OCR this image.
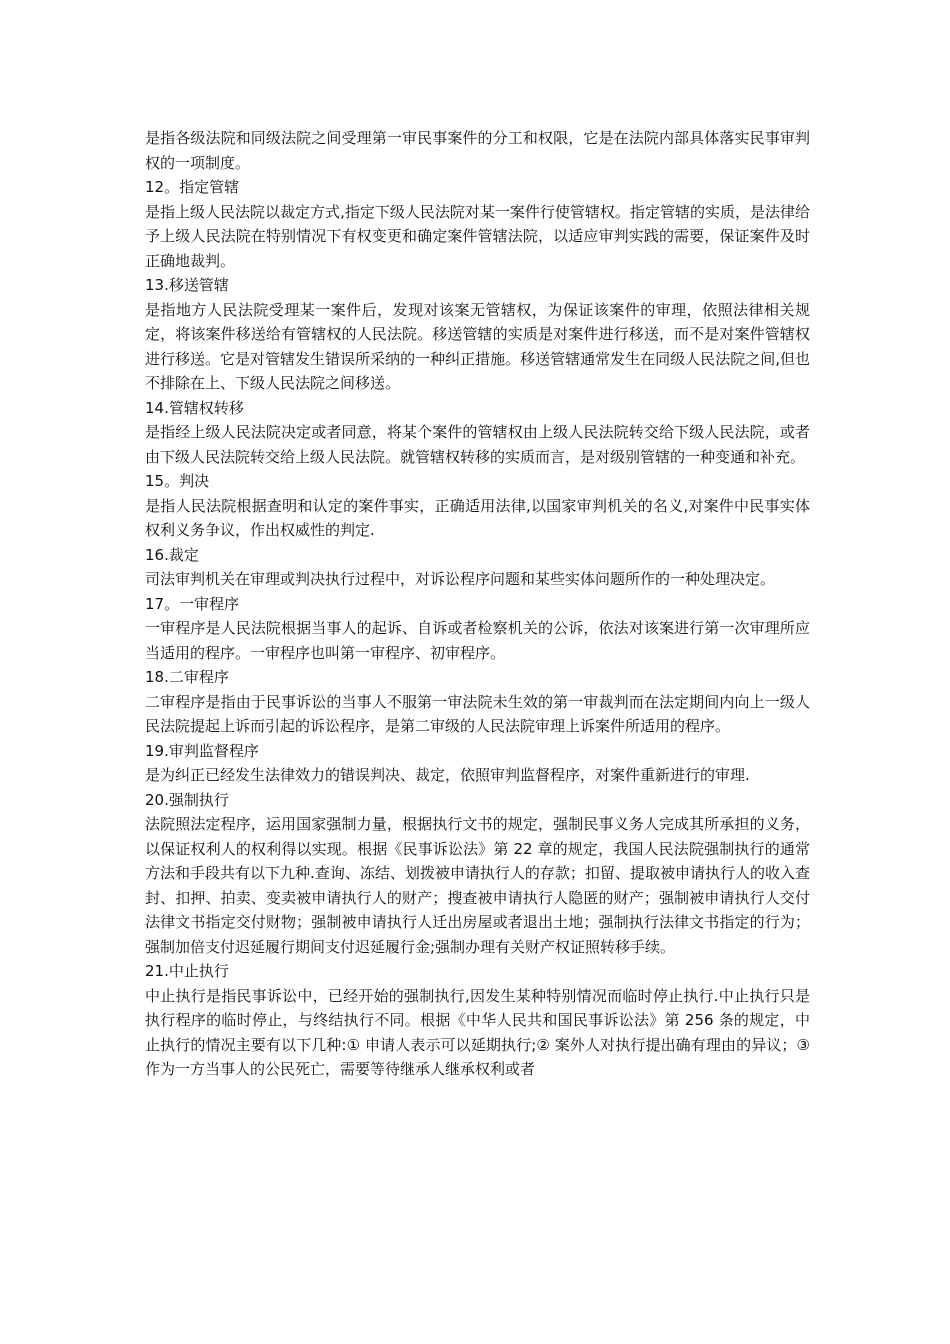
是指各级法院和同级法院之间受理第一审民事案件的分工和权限，它是在法院内部具体落实民事审判权的一项制度。

12。指定管辖

是指上级人民法院以裁定方式,指定下级人民法院对某一案件行使管辖权。指定管辖的实质，是法律给予上级人民法院在特别情况下有权变更和确定案件管辖法院，以适应审判实践的需要，保证案件及时正确地裁判。

13.移送管辖

是指地方人民法院受理某一案件后，发现对该案无管辖权，为保证该案件的审理，依照法律相关规定，将该案件移送给有管辖权的人民法院。移送管辖的实质是对案件进行移送，而不是对案件管辖权进行移送。它是对管辖发生错误所采纳的一种纠正措施。移送管辖通常发生在同级人民法院之间,但也不排除在上、下级人民法院之间移送。

14.管辖权转移

是指经上级人民法院决定或者同意，将某个案件的管辖权由上级人民法院转交给下级人民法院，或者由下级人民法院转交给上级人民法院。就管辖权转移的实质而言，是对级别管辖的一种变通和补充。

15。判决

是指人民法院根据查明和认定的案件事实，正确适用法律,以国家审判机关的名义,对案件中民事实体权利义务争议，作出权威性的判定.

16.裁定

司法审判机关在审理或判决执行过程中，对诉讼程序问题和某些实体问题所作的一种处理决定。

17。一审程序

一审程序是人民法院根据当事人的起诉、自诉或者检察机关的公诉，依法对该案进行第一次审理所应当适用的程序。一审程序也叫第一审程序、初审程序。

18.二审程序

二审程序是指由于民事诉讼的当事人不服第一审法院未生效的第一审裁判而在法定期间内向上一级人民法院提起上诉而引起的诉讼程序，是第二审级的人民法院审理上诉案件所适用的程序。

19.审判监督程序

是为纠正已经发生法律效力的错误判决、裁定，依照审判监督程序，对案件重新进行的审理.

20.强制执行

法院照法定程序，运用国家强制力量，根据执行文书的规定，强制民事义务人完成其所承担的义务，以保证权利人的权利得以实现。根据《民事诉讼法》第 22 章的规定，我国人民法院强制执行的通常方法和手段共有以下九种.查询、冻结、划拨被申请执行人的存款；扣留、提取被申请执行人的收入查封、扣押、拍卖、变卖被申请执行人的财产；搜查被申请执行人隐匿的财产；强制被申请执行人交付法律文书指定交付财物；强制被申请执行人迁出房屋或者退出土地；强制执行法律文书指定的行为；强制加倍支付迟延履行期间支付迟延履行金;强制办理有关财产权证照转移手续。

21.中止执行

中止执行是指民事诉讼中，已经开始的强制执行,因发生某种特别情况而临时停止执行.中止执行只是执行程序的临时停止，与终结执行不同。根据《中华人民共和国民事诉讼法》第 256 条的规定，中止执行的情况主要有以下几种:① 申请人表示可以延期执行;② 案外人对执行提出确有理由的异议；③作为一方当事人的公民死亡，需要等待继承人继承权利或者
